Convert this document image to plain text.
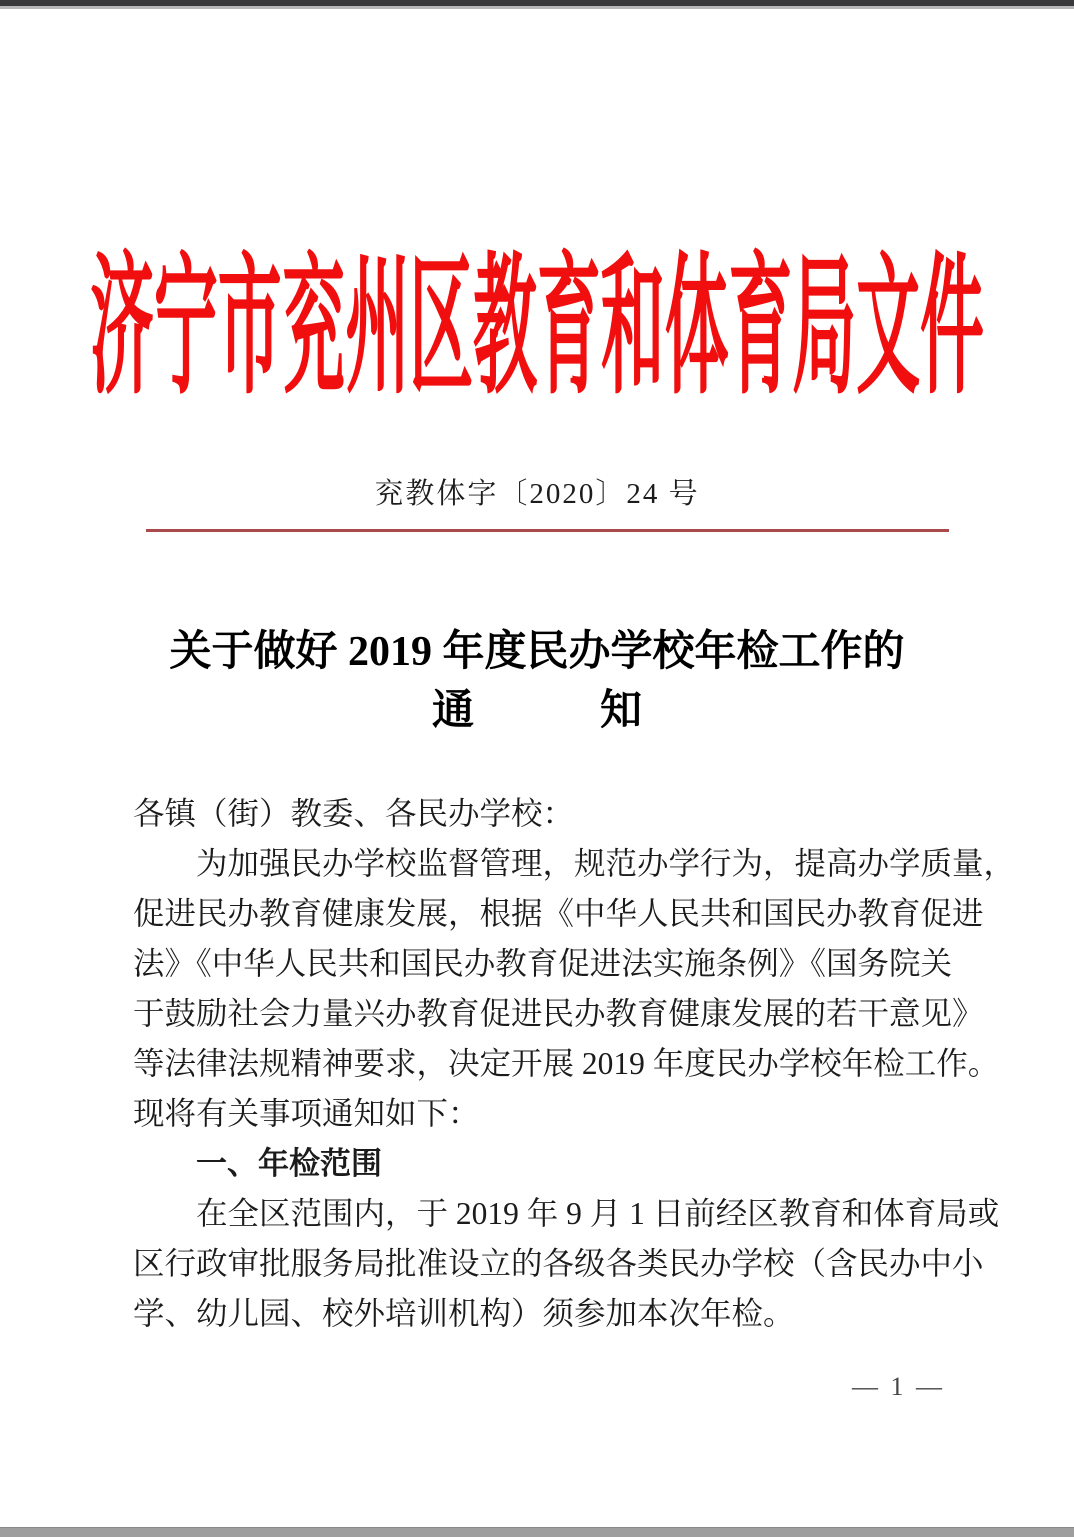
济宁市兖州区教育和体育局文件
兖教体字〔2020〕24 号
关于做好 2019 年度民办学校年检工作的
通　　　知
各镇（街）教委、各民办学校：
为加强民办学校监督管理，规范办学行为，提高办学质量，
促进民办教育健康发展，根据《中华人民共和国民办教育促进
法》《中华人民共和国民办教育促进法实施条例》《国务院关
于鼓励社会力量兴办教育促进民办教育健康发展的若干意见》
等法律法规精神要求，决定开展 2019 年度民办学校年检工作。
现将有关事项通知如下：
一、年检范围
在全区范围内，于 2019 年 9 月 1 日前经区教育和体育局或
区行政审批服务局批准设立的各级各类民办学校（含民办中小
学、幼儿园、校外培训机构）须参加本次年检。
— 1 —
